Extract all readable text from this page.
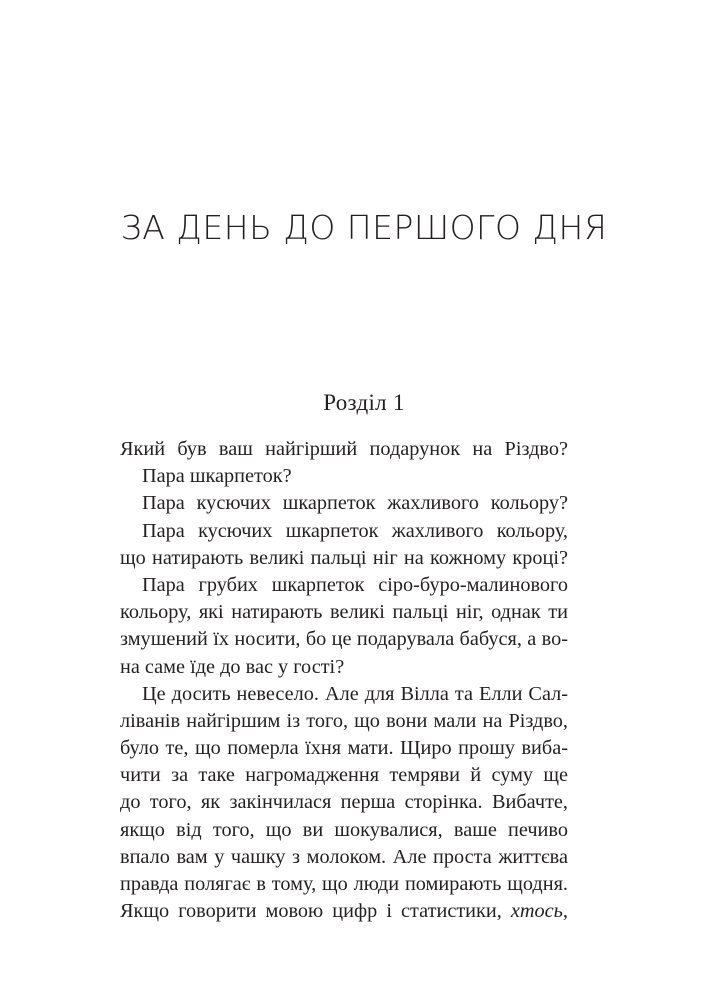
ЗА ДЕНЬ ДО ПЕРШОГО ДНЯ
Розділ 1
Який був ваш найгірший подарунок на Різдво?
Пара шкарпеток?
Пара кусючих шкарпеток жахливого кольору?
Пара кусючих шкарпеток жахливого кольору,
що натирають великі пальці ніг на кожному кроці?
Пара грубих шкарпеток сіро-буро-малинового
кольору, які натирають великі пальці ніг, однак ти
змушений їх носити, бо це подарувала бабуся, а во-
на саме їде до вас у гості?
Це досить невесело. Але для Вілла та Елли Сал-
ліванів найгіршим із того, що вони мали на Різдво,
було те, що померла їхня мати. Щиро прошу виба-
чити за таке нагромадження темряви й суму ще
до того, як закінчилася перша сторінка. Вибачте,
якщо від того, що ви шокувалися, ваше печиво
впало вам у чашку з молоком. Але проста життєва
правда полягає в тому, що люди помирають щодня.
Якщо говорити мовою цифр і статистики, хтось,
